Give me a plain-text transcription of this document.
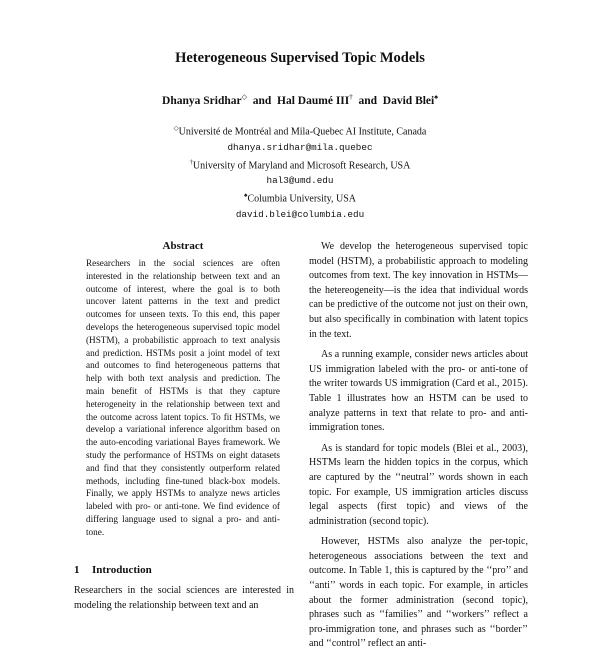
Heterogeneous Supervised Topic Models
Dhanya Sridhar◇ and Hal Daumé III† and David Blei♠
◇Université de Montréal and Mila-Quebec AI Institute, Canada
dhanya.sridhar@mila.quebec
†University of Maryland and Microsoft Research, USA
hal3@umd.edu
♠Columbia University, USA
david.blei@columbia.edu
Abstract
Researchers in the social sciences are often interested in the relationship between text and an outcome of interest, where the goal is to both uncover latent patterns in the text and predict outcomes for unseen texts. To this end, this paper develops the heterogeneous supervised topic model (HSTM), a probabilistic approach to text analysis and prediction. HSTMs posit a joint model of text and outcomes to find heterogeneous patterns that help with both text analysis and prediction. The main benefit of HSTMs is that they capture heterogeneity in the relationship between text and the outcome across latent topics. To fit HSTMs, we develop a variational inference algorithm based on the auto-encoding variational Bayes framework. We study the performance of HSTMs on eight datasets and find that they consistently outperform related methods, including fine-tuned black-box models. Finally, we apply HSTMs to analyze news articles labeled with pro- or anti-tone. We find evidence of differing language used to signal a pro- and anti-tone.
1 Introduction
Researchers in the social sciences are interested in modeling the relationship between text and an

We develop the heterogeneous supervised topic model (HSTM), a probabilistic approach to modeling outcomes from text. The key innovation in HSTMs—the hetereogeneity—is the idea that individual words can be predictive of the outcome not just on their own, but also specifically in combination with latent topics in the text.

As a running example, consider news articles about US immigration labeled with the pro- or anti-tone of the writer towards US immigration (Card et al., 2015). Table 1 illustrates how an HSTM can be used to analyze patterns in text that relate to pro- and anti-immigration tones.

As is standard for topic models (Blei et al., 2003), HSTMs learn the hidden topics in the corpus, which are captured by the ‘‘neutral’’ words shown in each topic. For example, US immigration articles discuss legal aspects (first topic) and views of the administration (second topic).

However, HSTMs also analyze the per-topic, heterogeneous associations between the text and outcome. In Table 1, this is captured by the ‘‘pro’’ and ‘‘anti’’ words in each topic. For example, in articles about the former administration (second topic), phrases such as ‘‘families’’ and ‘‘workers’’ reflect a pro-immigration tone, and phrases such as ‘‘border’’ and ‘‘control’’ reflect an anti-
